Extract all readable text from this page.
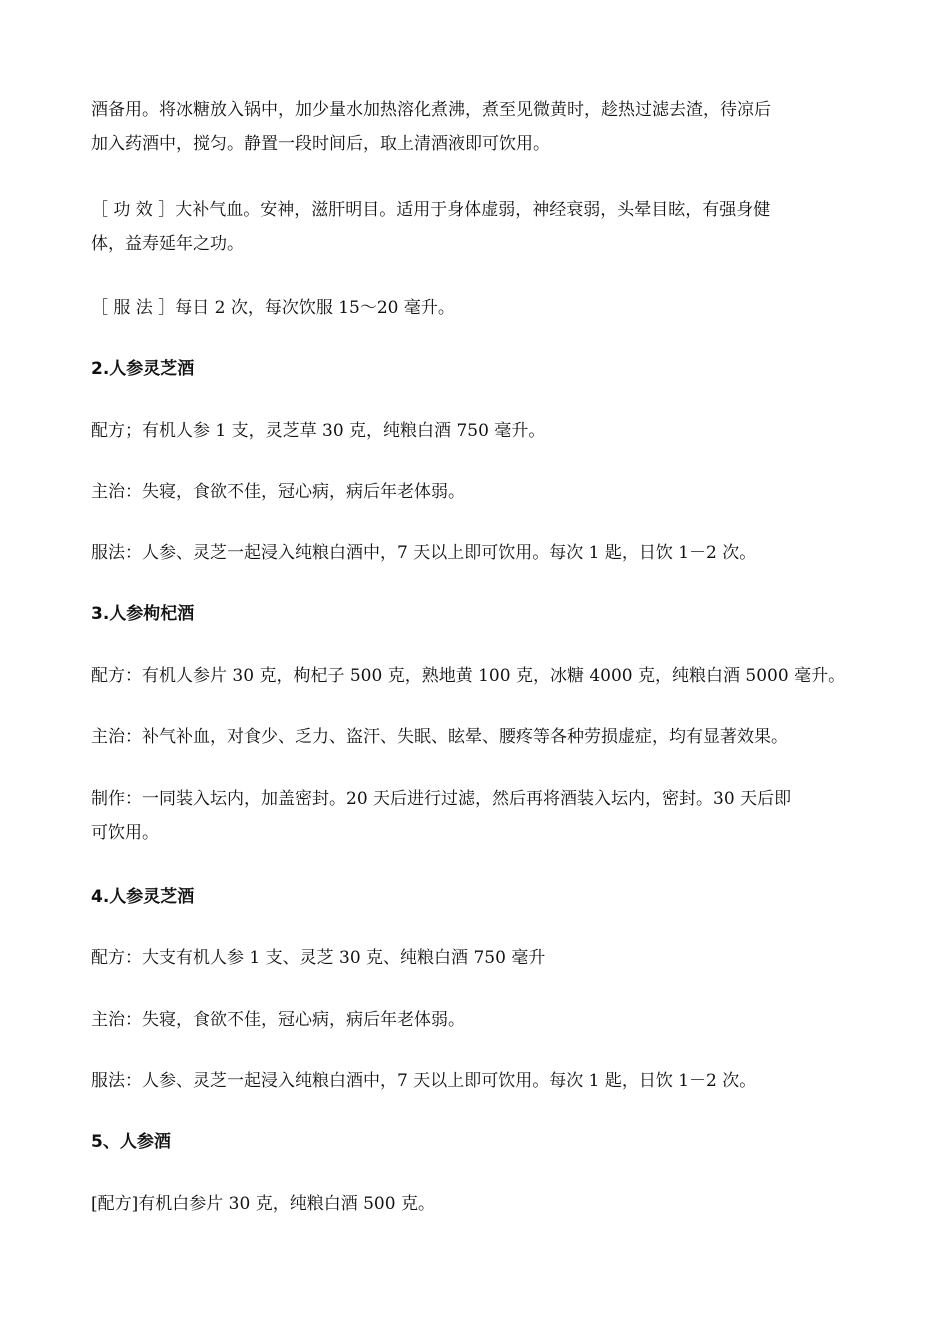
酒备用。将冰糖放入锅中，加少量水加热溶化煮沸，煮至见微黄时，趁热过滤去渣，待凉后
加入药酒中，搅匀。静置一段时间后，取上清酒液即可饮用。

［ 功 效 ］大补气血。安神，滋肝明目。适用于身体虚弱，神经衰弱，头晕目眩，有强身健
体，益寿延年之功。

［ 服 法 ］每日 2 次，每次饮服 15～20 毫升。

2.人参灵芝酒

配方；有机人参 1 支，灵芝草 30 克，纯粮白酒 750 毫升。

主治：失寝，食欲不佳，冠心病，病后年老体弱。

服法：人参、灵芝一起浸入纯粮白酒中，7 天以上即可饮用。每次 1 匙，日饮 1－2 次。

3.人参枸杞酒

配方：有机人参片 30 克，枸杞子 500 克，熟地黄 100 克，冰糖 4000 克，纯粮白酒 5000 毫升。

主治：补气补血，对食少、乏力、盗汗、失眠、眩晕、腰疼等各种劳损虚症，均有显著效果。

制作：一同装入坛内，加盖密封。20 天后进行过滤，然后再将酒装入坛内，密封。30 天后即
可饮用。

4.人参灵芝酒

配方：大支有机人参 1 支、灵芝 30 克、纯粮白酒 750 毫升

主治：失寝，食欲不佳，冠心病，病后年老体弱。

服法：人参、灵芝一起浸入纯粮白酒中，7 天以上即可饮用。每次 1 匙，日饮 1－2 次。

5、人参酒

[配方]有机白参片 30 克，纯粮白酒 500 克。
